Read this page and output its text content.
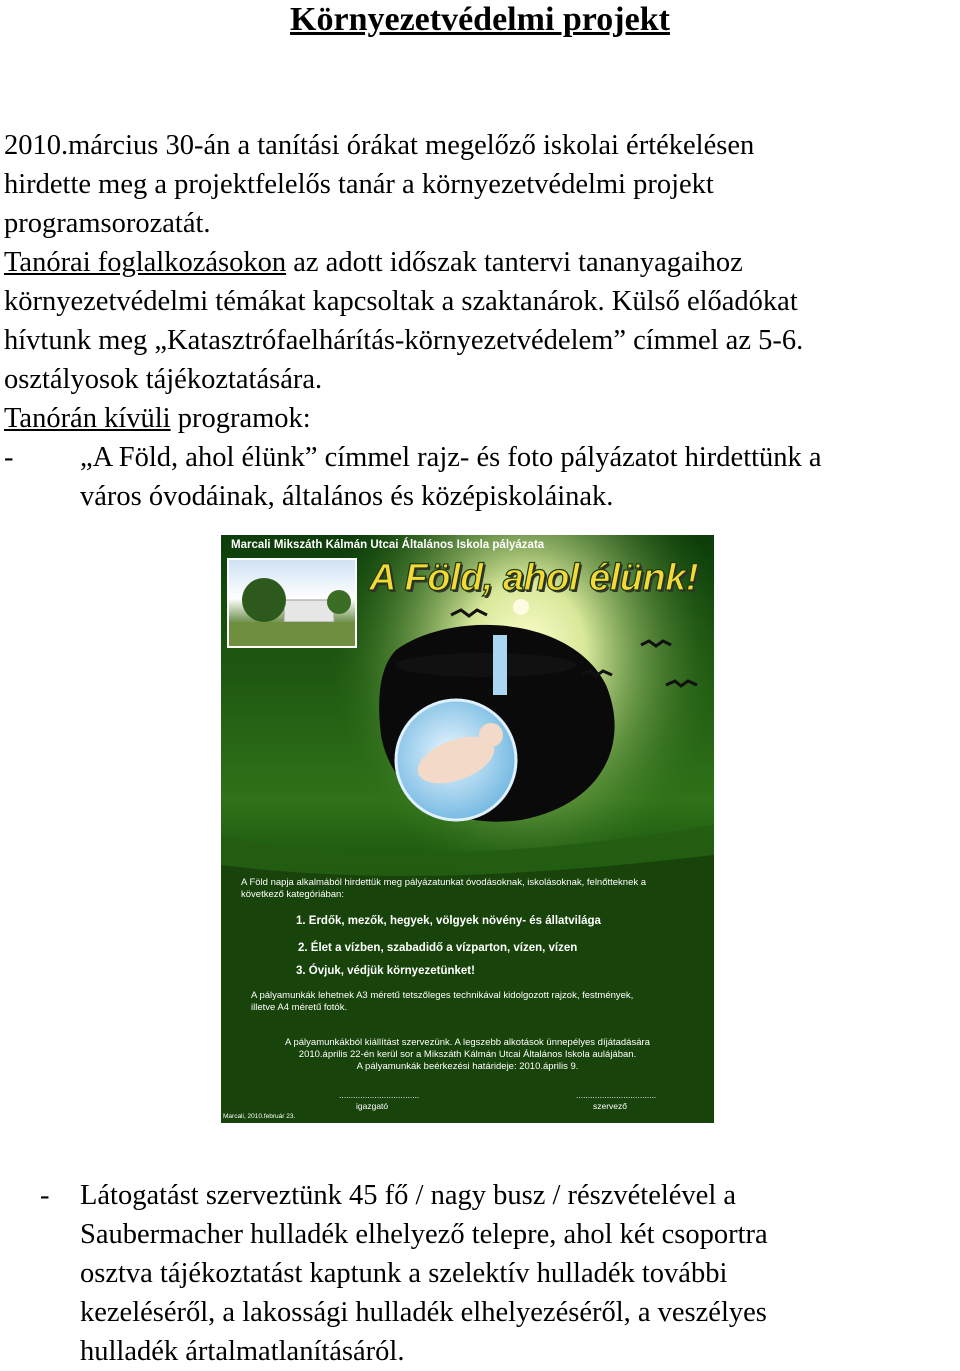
Környezetvédelmi projekt
2010.március 30-án a tanítási órákat megelőző iskolai értékelésen
hirdette meg a projektfelelős tanár a környezetvédelmi projekt
programsorozatát.
Tanórai foglalkozásokon az adott időszak tantervi tananyagaihoz
környezetvédelmi témákat kapcsoltak a szaktanárok. Külső előadókat
hívtunk meg „Katasztrófaelhárítás-környezetvédelem” címmel az 5-6.
osztályosok tájékoztatására.
Tanórán kívüli programok:
-	„A Föld, ahol élünk” címmel rajz- és foto pályázatot hirdettünk a
város óvodáinak, általános és középiskoláinak.
Marcali Mikszáth Kálmán Utcai Általános Iskola pályázata
A Föld, ahol élünk!
A Föld napja alkalmából hirdettük meg pályázatunkat óvodásoknak, iskolásoknak, felnőtteknek a
következő kategóriában:
1. Erdők, mezők, hegyek, völgyek növény- és állatvilága
2. Élet a vízben, szabadidő a vízparton, vízen, vízen
3. Óvjuk, védjük környezetünket!
A pályamunkák lehetnek A3 méretű tetszőleges technikával kidolgozott rajzok, festmények,
illetve A4 méretű fotók.
A pályamunkákból kiállítást szervezünk. A legszebb alkotások ünnepélyes díjátadására
2010.április 22-én kerül sor a Mikszáth Kálmán Utcai Általános Iskola aulájában.
A pályamunkák beérkezési határideje: 2010.április 9.
..................................
igazgató
..................................
szervező
Marcali, 2010.február 23.
-	Látogatást szerveztünk 45 fő / nagy busz / részvételével a
Saubermacher hulladék elhelyező telepre, ahol két csoportra
osztva tájékoztatást kaptunk a szelektív hulladék további
kezeléséről, a lakossági hulladék elhelyezéséről, a veszélyes
hulladék ártalmatlanításáról.
